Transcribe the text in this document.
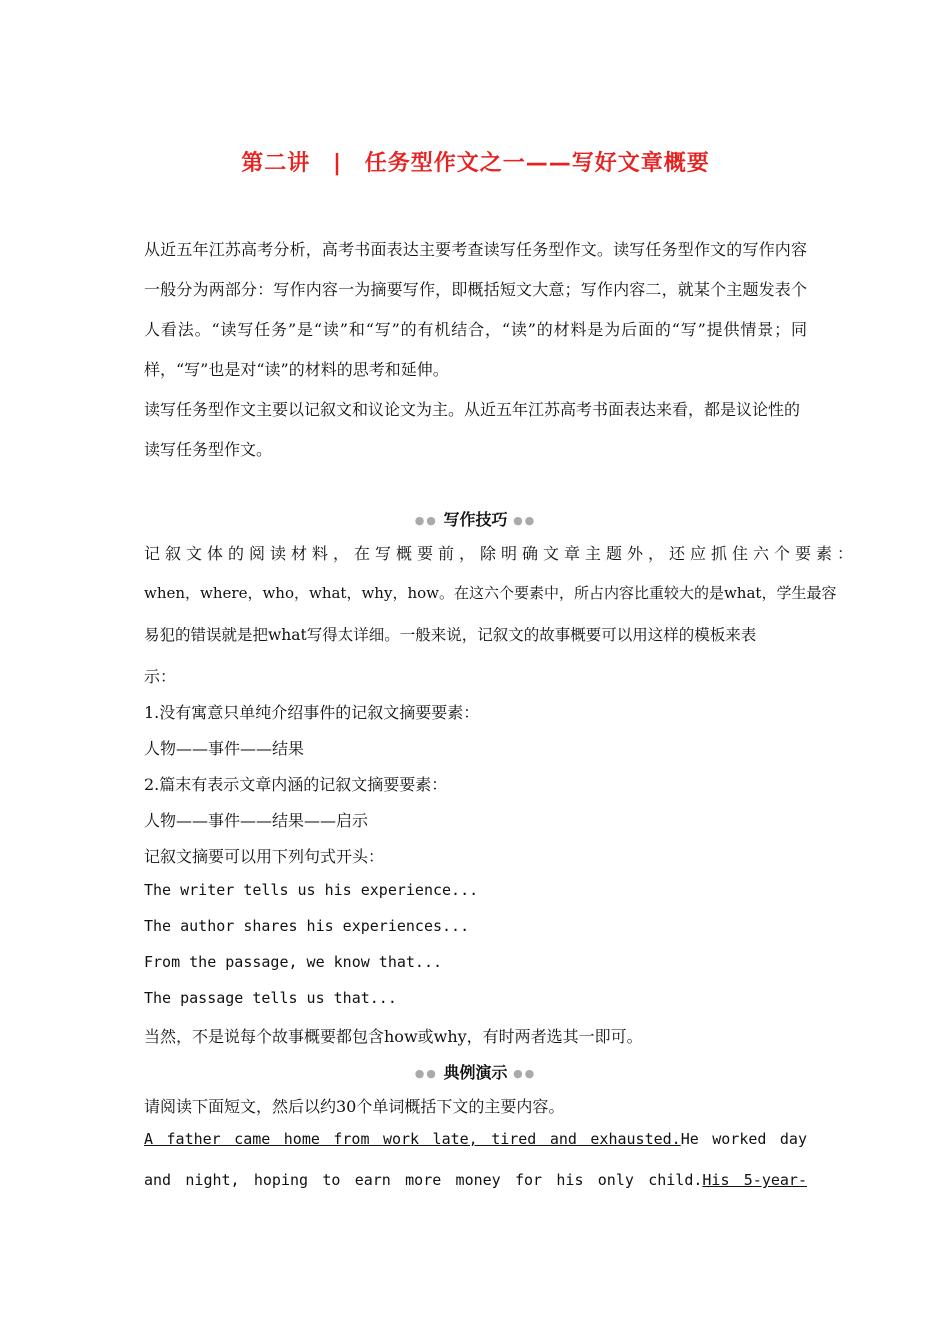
第二讲 | 任务型作文之一——写好文章概要
从近五年江苏高考分析，高考书面表达主要考查读写任务型作文。读写任务型作文的写作内容一般分为两部分：写作内容一为摘要写作，即概括短文大意；写作内容二，就某个主题发表个人看法。“读写任务”是“读”和“写”的有机结合，“读”的材料是为后面的“写”提供情景；同样，“写”也是对“读”的材料的思考和延伸。
读写任务型作文主要以记叙文和议论文为主。从近五年江苏高考书面表达来看，都是议论性的读写任务型作文。
●● 写作技巧 ●●
记叙文体的阅读材料，在写概要前，除明确文章主题外，还应抓住六个要素：
when，where，who，what，why，how。在这六个要素中，所占内容比重较大的是what，学生最容
易犯的错误就是把what写得太详细。一般来说，记叙文的故事概要可以用这样的模板来表
示：
1.没有寓意只单纯介绍事件的记叙文摘要要素：
人物——事件——结果
2.篇末有表示文章内涵的记叙文摘要要素：
人物——事件——结果——启示
记叙文摘要可以用下列句式开头：
The writer tells us his experience...
The author shares his experiences...
From the passage, we know that...
The passage tells us that...
当然，不是说每个故事概要都包含how或why，有时两者选其一即可。
●● 典例演示 ●●
请阅读下面短文，然后以约30个单词概括下文的主要内容。
A father came home from work late, tired and exhausted.He worked day
and night, hoping to earn more money for his only child.His 5-year-
